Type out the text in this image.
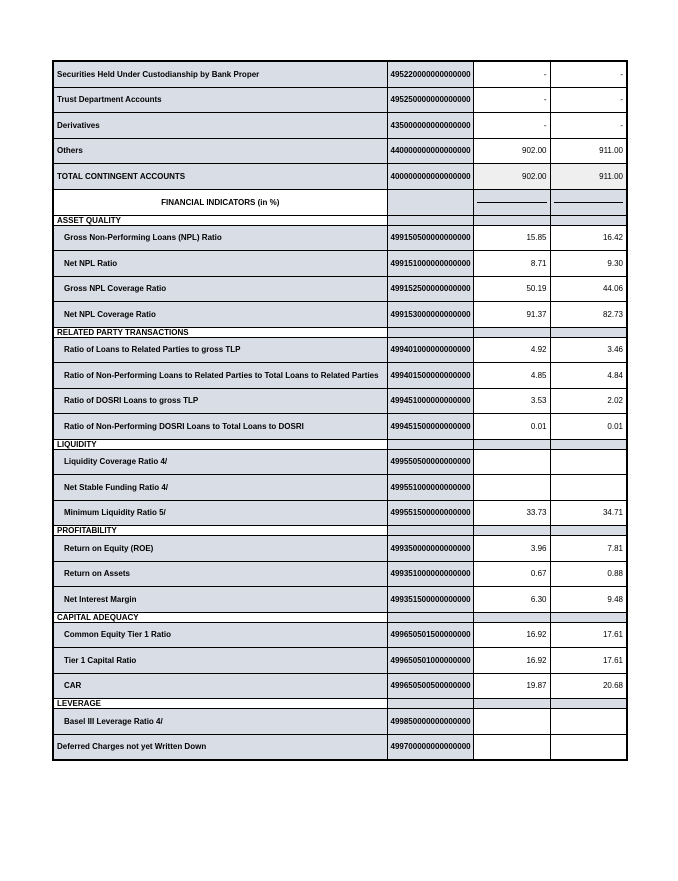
Securities Held Under Custodianship by Bank Proper	495220000000000000	-	-
Trust Department Accounts	495250000000000000	-	-
Derivatives	435000000000000000	-	-
Others	440000000000000000	902.00	911.00
TOTAL CONTINGENT ACCOUNTS	400000000000000000	902.00	911.00
FINANCIAL INDICATORS (in %)		

ASSET QUALITY			
Gross Non-Performing Loans (NPL) Ratio	499150500000000000	15.85	16.42
Net NPL Ratio	499151000000000000	8.71	9.30
Gross NPL Coverage Ratio	499152500000000000	50.19	44.06
Net NPL Coverage Ratio	499153000000000000	91.37	82.73
RELATED PARTY TRANSACTIONS			
Ratio of Loans to Related Parties to gross TLP	499401000000000000	4.92	3.46
Ratio of Non-Performing Loans to Related Parties to Total Loans to Related Parties	499401500000000000	4.85	4.84
Ratio of DOSRI Loans to gross TLP	499451000000000000	3.53	2.02
Ratio of Non-Performing DOSRI Loans to Total Loans to DOSRI	499451500000000000	0.01	0.01
LIQUIDITY			
Liquidity Coverage Ratio 4/	499550500000000000		
Net Stable Funding Ratio 4/	499551000000000000		
Minimum Liquidity Ratio 5/	499551500000000000	33.73	34.71
PROFITABILITY			
Return on Equity (ROE)	499350000000000000	3.96	7.81
Return on Assets	499351000000000000	0.67	0.88
Net Interest Margin	499351500000000000	6.30	9.48
CAPITAL ADEQUACY			
Common Equity Tier 1 Ratio	499650501500000000	16.92	17.61
Tier 1 Capital Ratio	499650501000000000	16.92	17.61
CAR	499650500500000000	19.87	20.68
LEVERAGE			
Basel III Leverage Ratio 4/	499850000000000000		
Deferred Charges not yet Written Down	499700000000000000		
